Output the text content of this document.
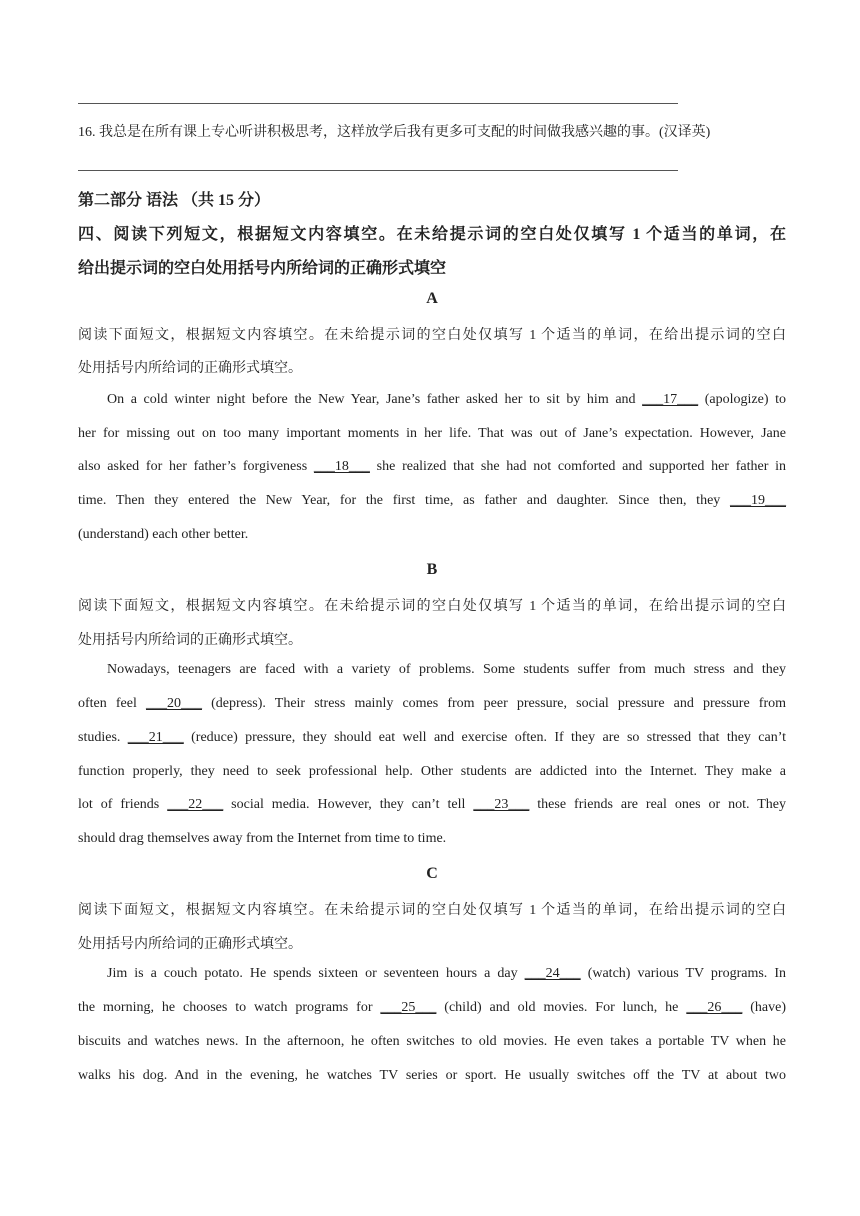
16. 我总是在所有课上专心听讲积极思考，这样放学后我有更多可支配的时间做我感兴趣的事。(汉译英)
第二部分 语法 （共 15 分）
四、阅读下列短文，根据短文内容填空。在未给提示词的空白处仅填写 1 个适当的单词，在
给出提示词的空白处用括号内所给词的正确形式填空
A
阅读下面短文，根据短文内容填空。在未给提示词的空白处仅填写 1 个适当的单词，在给出提示词的空白
处用括号内所给词的正确形式填空。
On a cold winter night before the New Year, Jane’s father asked her to sit by him and ___17___ (apologize) to
her for missing out on too many important moments in her life. That was out of Jane’s expectation. However, Jane
also asked for her father’s forgiveness ___18___ she realized that she had not comforted and supported her father in
time. Then they entered the New Year, for the first time, as father and daughter. Since then, they ___19___
(understand) each other better.
B
阅读下面短文，根据短文内容填空。在未给提示词的空白处仅填写 1 个适当的单词，在给出提示词的空白
处用括号内所给词的正确形式填空。
Nowadays, teenagers are faced with a variety of problems. Some students suffer from much stress and they
often feel ___20___ (depress). Their stress mainly comes from peer pressure, social pressure and pressure from
studies. ___21___ (reduce) pressure, they should eat well and exercise often. If they are so stressed that they can’t
function properly, they need to seek professional help. Other students are addicted into the Internet. They make a
lot of friends ___22___ social media. However, they can’t tell ___23___ these friends are real ones or not. They
should drag themselves away from the Internet from time to time.
C
阅读下面短文，根据短文内容填空。在未给提示词的空白处仅填写 1 个适当的单词，在给出提示词的空白
处用括号内所给词的正确形式填空。
Jim is a couch potato. He spends sixteen or seventeen hours a day ___24___ (watch) various TV programs. In
the morning, he chooses to watch programs for ___25___ (child) and old movies. For lunch, he ___26___ (have)
biscuits and watches news. In the afternoon, he often switches to old movies. He even takes a portable TV when he
walks his dog. And in the evening, he watches TV series or sport. He usually switches off the TV at about two
